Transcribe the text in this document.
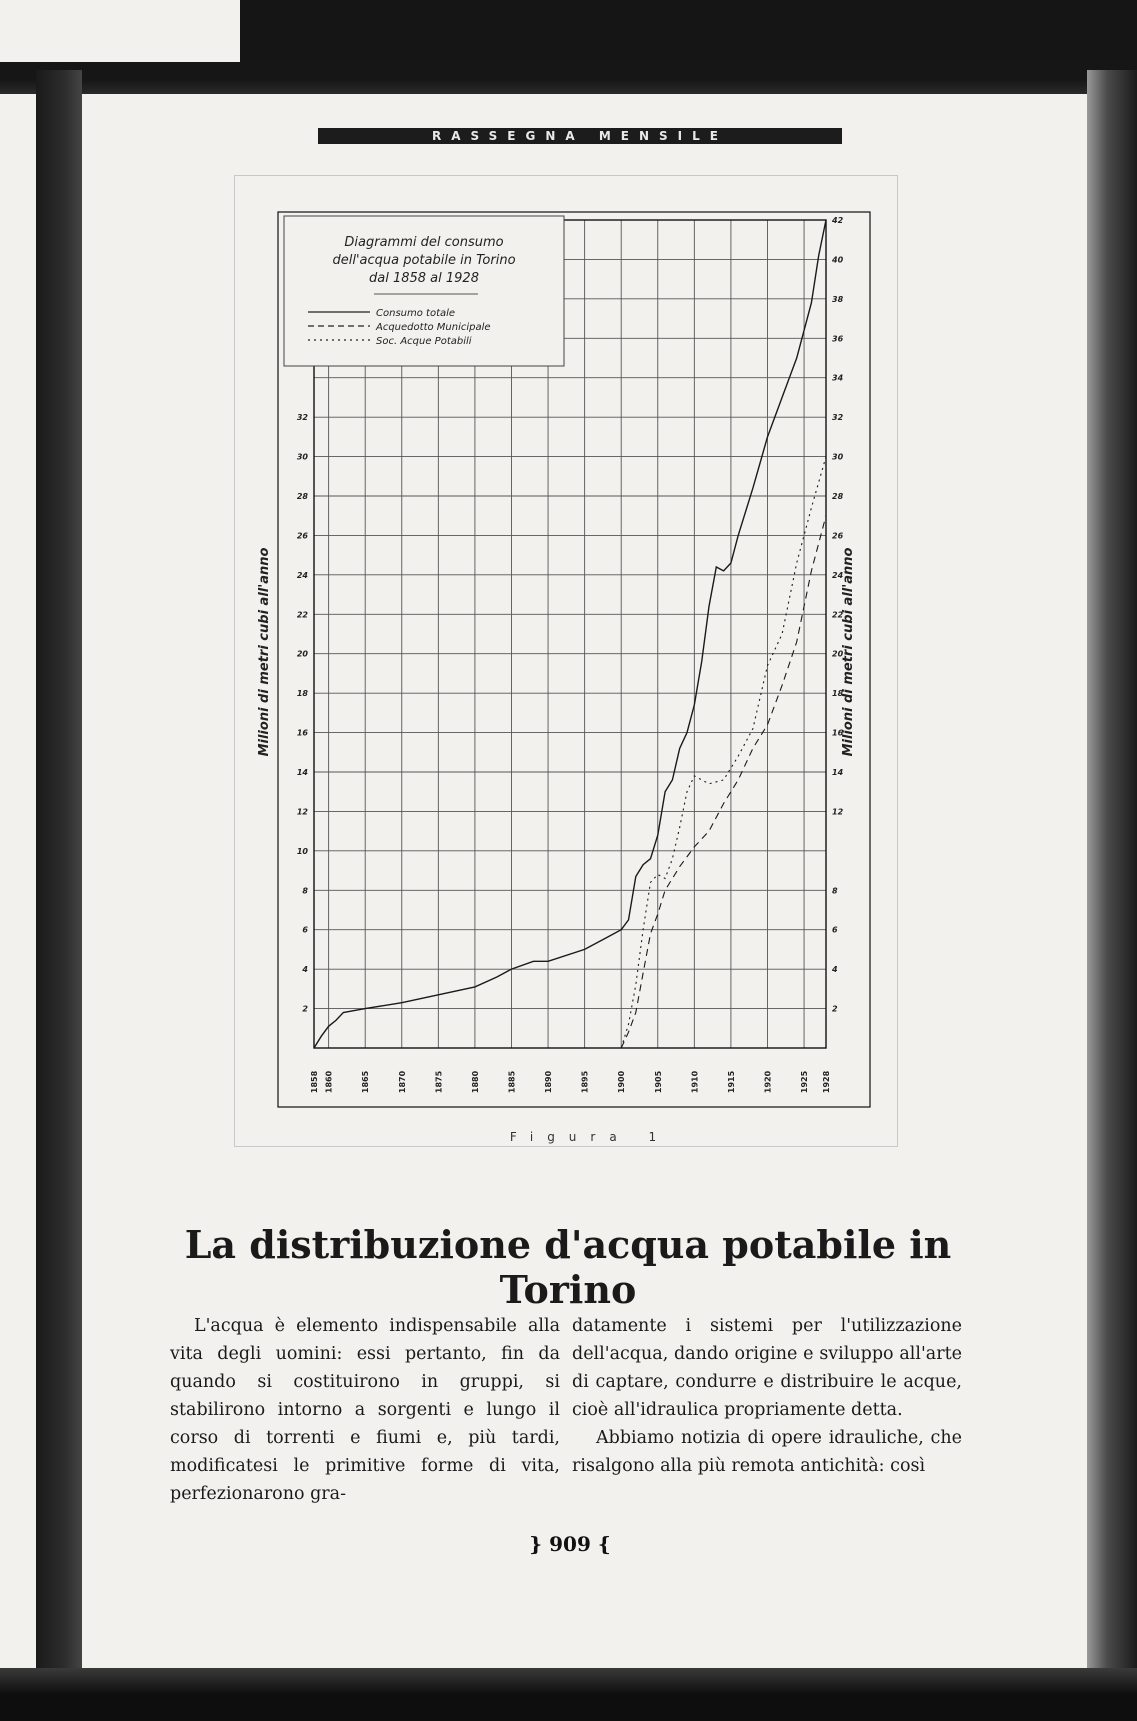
RASSEGNA MENSILE
2
4
6
8
10
12
14
16
18
20
22
24
26
28
30
32
2
4
6
8
12
14
16
18
20
22
24
26
28
30
32
34
36
38
40
42
1858 1860	1865	1870	1875	1880	1885	1890	1895	1900	1905	1910	1915	1920	1925 1928
Diagrammi del consumo
dell'acqua potabile in Torino
dal 1858 al 1928
Consumo totale
Acquedotto Municipale
Soc. Acque Potabili
Milioni di metri cubi all'anno	Milioni di metri cubi all'anno
Figura 1
La distribuzione d'acqua potabile in Torino

L'acqua è elemento indispensabile alla vita degli uomini: essi pertanto, fin da quando si costituirono in gruppi, si stabilirono intorno a sorgenti e lungo il corso di torrenti e fiumi e, più tardi, modificatesi le primitive forme di vita, perfezionarono gra-

datamente i sistemi per l'utilizzazione dell'acqua, dando origine e sviluppo all'arte di captare, condurre e distribuire le acque, cioè all'idraulica propriamente detta.

Abbiamo notizia di opere idrauliche, che risalgono alla più remota antichità: così

} 909 {
